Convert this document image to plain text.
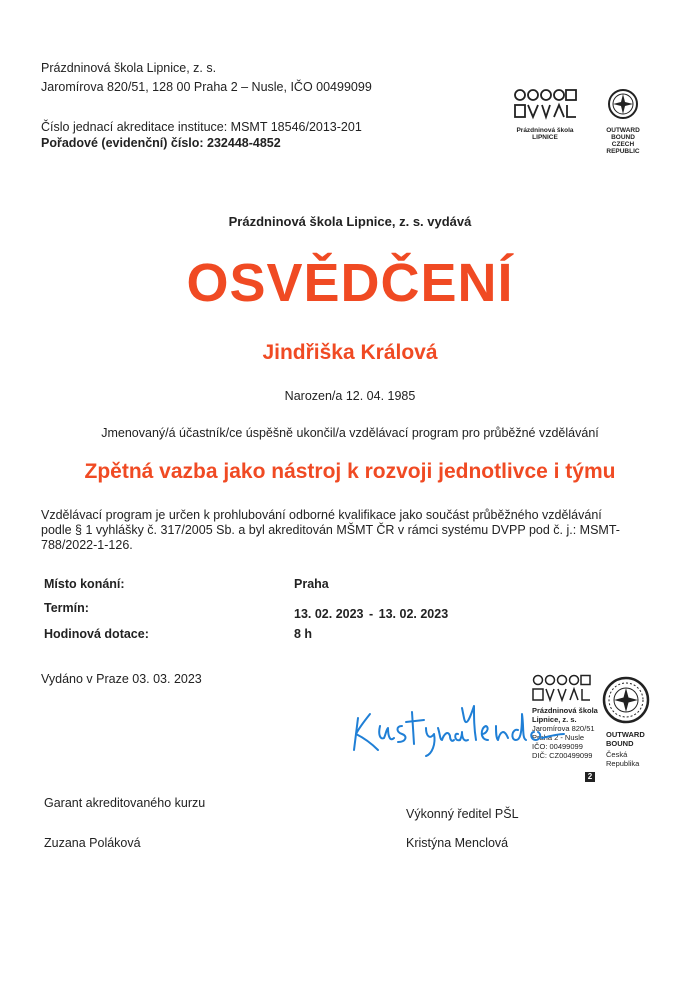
Prázdninová škola Lipnice, z. s.
Jaromírova 820/51, 128 00 Praha 2 – Nusle, IČO 00499099
Číslo jednací akreditace instituce: MSMT 18546/2013-201
Pořadové (evidenční) číslo: 232448-4852
Prázdninová škola
LIPNICE
OUTWARD BOUND
CZECH REPUBLIC
Prázdninová škola Lipnice, z. s. vydává
OSVĚDČENÍ
Jindřiška Králová
Narozen/a 12. 04. 1985
Jmenovaný/á účastník/ce úspěšně ukončil/a vzdělávací program pro průběžné vzdělávání
Zpětná vazba jako nástroj k rozvoji jednotlivce i týmu
Vzdělávací program je určen k prohlubování odborné kvalifikace jako součást průběžného vzdělávání
podle § 1 vyhlášky č. 317/2005 Sb. a byl akreditován MŠMT ČR v rámci systému DVPP pod č. j.: MSMT-
788/2022-1-126.
Místo konání:	Praha
Termín:	13. 02. 2023 - 13. 02. 2023
Hodinová dotace:	8 h
Vydáno v Praze 03. 03. 2023
Prázdninová škola
Lipnice, z. s.
Jaromírova 820/51
Praha 2 - Nusle
IČO: 00499099
DIČ: CZ00499099
OUTWARD
BOUND
Česká
Republika
2
Garant akreditovaného kurzu
Zuzana Poláková
Výkonný ředitel PŠL
Kristýna Menclová
